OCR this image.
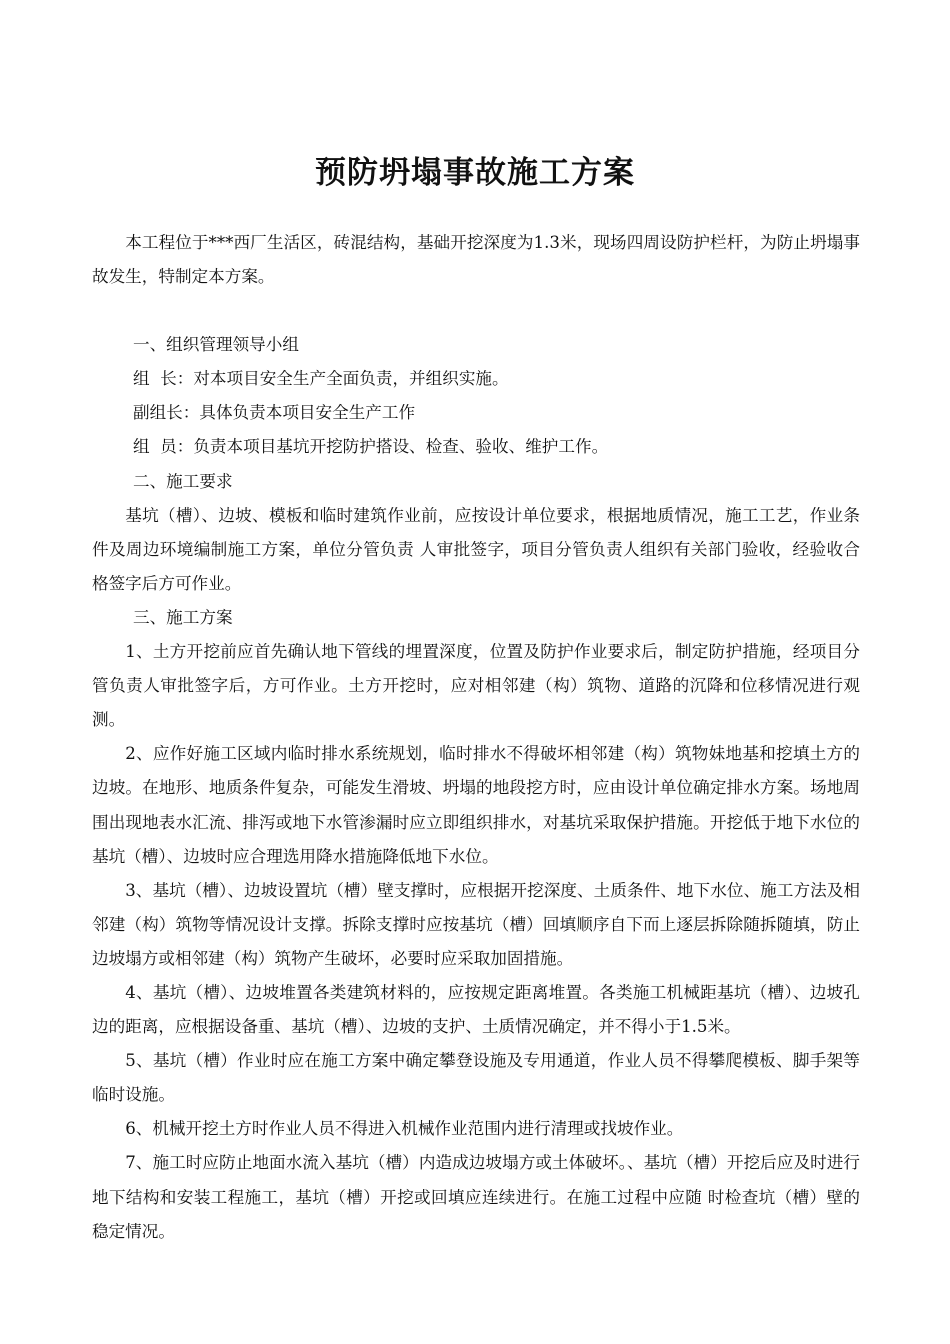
预防坍塌事故施工方案

本工程位于***西厂生活区，砖混结构，基础开挖深度为1.3米，现场四周设防护栏杆，为防止坍塌事故发生，特制定本方案。

一、组织管理领导小组

组  长：对本项目安全生产全面负责，并组织实施。

副组长：具体负责本项目安全生产工作

组  员：负责本项目基坑开挖防护搭设、检查、验收、维护工作。

二、施工要求

基坑（槽）、边坡、模板和临时建筑作业前，应按设计单位要求，根据地质情况，施工工艺，作业条件及周边环境编制施工方案，单位分管负责 人审批签字，项目分管负责人组织有关部门验收，经验收合格签字后方可作业。

三、施工方案

1、土方开挖前应首先确认地下管线的埋置深度，位置及防护作业要求后，制定防护措施，经项目分管负责人审批签字后，方可作业。土方开挖时，应对相邻建（构）筑物、道路的沉降和位移情况进行观测。

2、应作好施工区域内临时排水系统规划，临时排水不得破坏相邻建（构）筑物妹地基和挖填土方的边坡。在地形、地质条件复杂，可能发生滑坡、坍塌的地段挖方时，应由设计单位确定排水方案。场地周围出现地表水汇流、排泻或地下水管渗漏时应立即组织排水，对基坑采取保护措施。开挖低于地下水位的基坑（槽）、边坡时应合理选用降水措施降低地下水位。

3、基坑（槽）、边坡设置坑（槽）壁支撑时，应根据开挖深度、土质条件、地下水位、施工方法及相邻建（构）筑物等情况设计支撑。拆除支撑时应按基坑（槽）回填顺序自下而上逐层拆除随拆随填，防止边坡塌方或相邻建（构）筑物产生破坏，必要时应采取加固措施。

4、基坑（槽）、边坡堆置各类建筑材料的，应按规定距离堆置。各类施工机械距基坑（槽）、边坡孔边的距离，应根据设备重、基坑（槽）、边坡的支护、土质情况确定，并不得小于1.5米。

5、基坑（槽）作业时应在施工方案中确定攀登设施及专用通道，作业人员不得攀爬模板、脚手架等 临时设施。

6、机械开挖土方时作业人员不得进入机械作业范围内进行清理或找坡作业。

7、施工时应防止地面水流入基坑（槽）内造成边坡塌方或土体破坏。、基坑（槽）开挖后应及时进行地下结构和安装工程施工，基坑（槽）开挖或回填应连续进行。在施工过程中应随 时检查坑（槽）壁的稳定情况。
